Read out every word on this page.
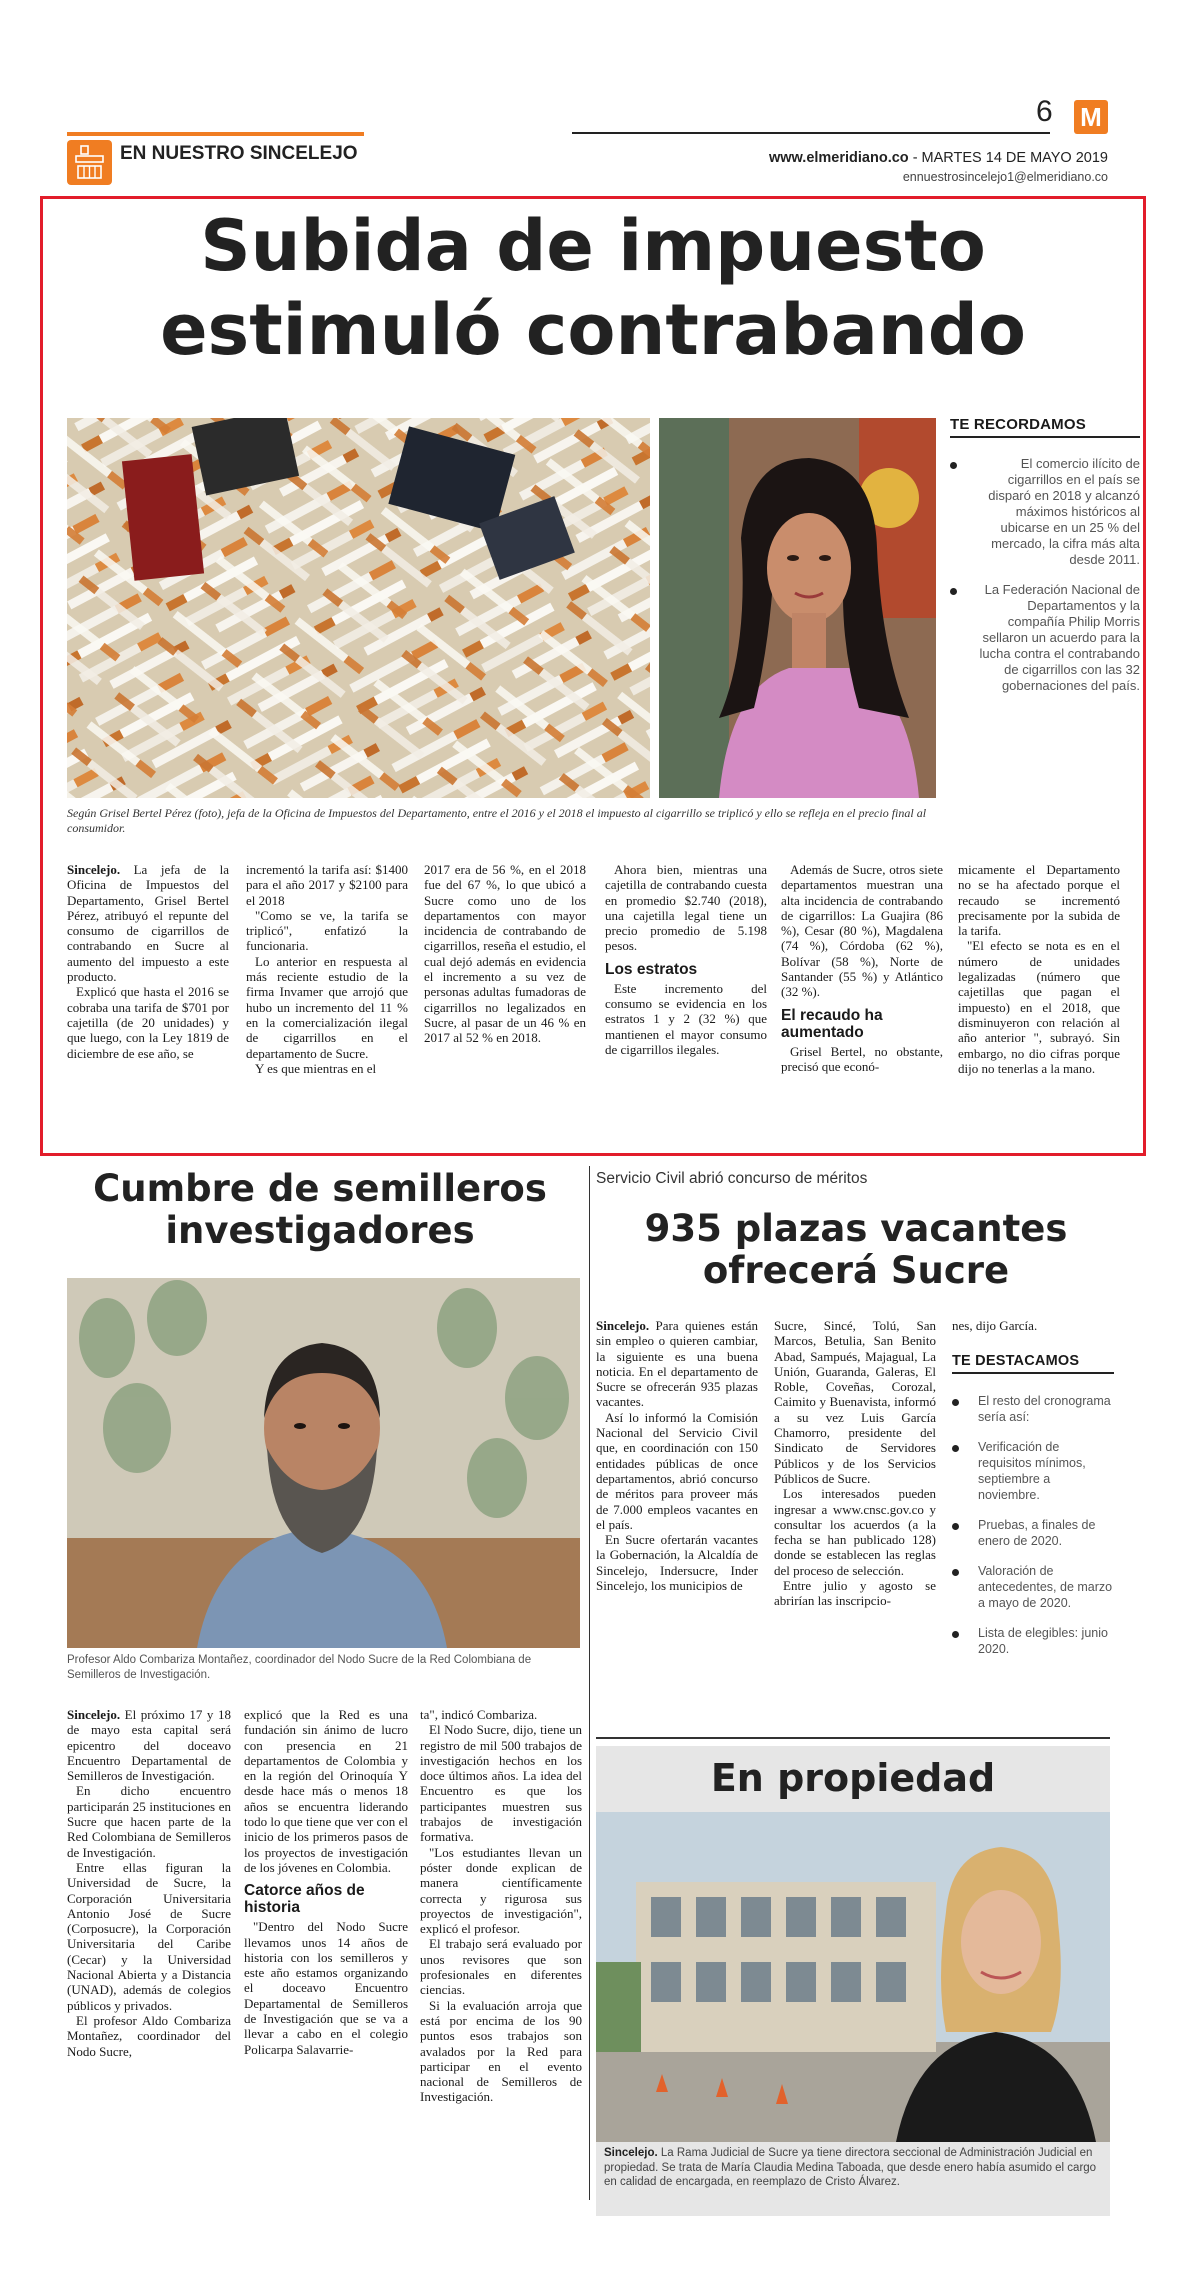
6 M
EN NUESTRO SINCELEJO	www.elmeridiano.co - MARTES 14 DE MAYO 2019
ennuestrosincelejo1@elmeridiano.co
Subida de impuesto
estimuló contrabando
Según Grisel Bertel Pérez (foto), jefa de la Oficina de Impuestos del Departamento, entre el 2016 y el 2018 el impuesto al cigarrillo se triplicó y ello se refleja en el precio final al consumidor.
TE RECORDAMOS
El comercio ilícito de cigarrillos en el país se disparó en 2018 y alcanzó máximos históricos al ubicarse en un 25 % del mercado, la cifra más alta desde 2011.
La Federación Nacional de Departamentos y la compañía Philip Morris sellaron un acuerdo para la lucha contra el contrabando de cigarrillos con las 32 gobernaciones del país.

Sincelejo. La jefa de la Oficina de Impuestos del Departamento, Grisel Bertel Pérez, atribuyó el repunte del consumo de cigarrillos de contrabando en Sucre al aumento del impuesto a este producto.

Explicó que hasta el 2016 se cobraba una tarifa de $701 por cajetilla (de 20 unidades) y que luego, con la Ley 1819 de diciembre de ese año, se

incrementó la tarifa así: $1400 para el año 2017 y $2100 para el 2018

"Como se ve, la tarifa se triplicó", enfatizó la funcionaria.

Lo anterior en respuesta al más reciente estudio de la firma Invamer que arrojó que hubo un incremento del 11 % en la comercialización ilegal de cigarrillos en el departamento de Sucre.

Y es que mientras en el

2017 era de 56 %, en el 2018 fue del 67 %, lo que ubicó a Sucre como uno de los departamentos con mayor incidencia de contrabando de cigarrillos, reseña el estudio, el cual dejó además en evidencia el incremento a su vez de personas adultas fumadoras de cigarrillos no legalizados en Sucre, al pasar de un 46 % en 2017 al 52 % en 2018.

Ahora bien, mientras una cajetilla de contrabando cuesta en promedio $2.740 (2018), una cajetilla legal tiene un precio promedio de 5.198 pesos.

Los estratos

Este incremento del consumo se evidencia en los estratos 1 y 2 (32 %) que mantienen el mayor consumo de cigarrillos ilegales.

Además de Sucre, otros siete departamentos muestran una alta incidencia de contrabando de cigarrillos: La Guajira (86 %), Cesar (80 %), Magdalena (74 %), Córdoba (62 %), Bolívar (58 %), Norte de Santander (55 %) y Atlántico (32 %).

El recaudo ha aumentado

Grisel Bertel, no obstante, precisó que econó-

micamente el Departamento no se ha afectado porque el recaudo se incrementó precisamente por la subida de la tarifa.

"El efecto se nota es en el número de unidades legalizadas (número que cajetillas que pagan el impuesto) en el 2018, que disminuyeron con relación al año anterior ", subrayó. Sin embargo, no dio cifras porque dijo no tenerlas a la mano.

Cumbre de semilleros
investigadores
Profesor Aldo Combariza Montañez, coordinador del Nodo Sucre de la Red Colombiana de Semilleros de Investigación.

Sincelejo. El próximo 17 y 18 de mayo esta capital será epicentro del doceavo Encuentro Departamental de Semilleros de Investigación.

En dicho encuentro participarán 25 instituciones en Sucre que hacen parte de la Red Colombiana de Semilleros de Investigación.

Entre ellas figuran la Universidad de Sucre, la Corporación Universitaria Antonio José de Sucre (Corposucre), la Corporación Universitaria del Caribe (Cecar) y la Universidad Nacional Abierta y a Distancia (UNAD), además de colegios públicos y privados.

El profesor Aldo Combariza Montañez, coordinador del Nodo Sucre,

explicó que la Red es una fundación sin ánimo de lucro con presencia en 21 departamentos de Colombia y en la región del Orinoquía Y desde hace más o menos 18 años se encuentra liderando todo lo que tiene que ver con el inicio de los primeros pasos de los proyectos de investigación de los jóvenes en Colombia.

Catorce años de historia

"Dentro del Nodo Sucre llevamos unos 14 años de historia con los semilleros y este año estamos organizando el doceavo Encuentro Departamental de Semilleros de Investigación que se va a llevar a cabo en el colegio Policarpa Salavarrie-

ta", indicó Combariza.

El Nodo Sucre, dijo, tiene un registro de mil 500 trabajos de investigación hechos en los doce últimos años. La idea del Encuentro es que los participantes muestren sus trabajos de investigación formativa.

"Los estudiantes llevan un póster donde explican de manera científicamente correcta y rigurosa sus proyectos de investigación", explicó el profesor.

El trabajo será evaluado por unos revisores que son profesionales en diferentes ciencias.

Si la evaluación arroja que está por encima de los 90 puntos esos trabajos son avalados por la Red para participar en el evento nacional de Semilleros de Investigación.

Servicio Civil abrió concurso de méritos
935 plazas vacantes
ofrecerá Sucre

Sincelejo. Para quienes están sin empleo o quieren cambiar, la siguiente es una buena noticia. En el departamento de Sucre se ofrecerán 935 plazas vacantes.

Así lo informó la Comisión Nacional del Servicio Civil que, en coordinación con 150 entidades públicas de once departamentos, abrió concurso de méritos para proveer más de 7.000 empleos vacantes en el país.

En Sucre ofertarán vacantes la Gobernación, la Alcaldía de Sincelejo, Indersucre, Inder Sincelejo, los municipios de

Sucre, Sincé, Tolú, San Marcos, Betulia, San Benito Abad, Sampués, Majagual, La Unión, Guaranda, Galeras, El Roble, Coveñas, Corozal, Caimito y Buenavista, informó a su vez Luis García Chamorro, presidente del Sindicato de Servidores Públicos y de los Servicios Públicos de Sucre.

Los interesados pueden ingresar a www.cnsc.gov.co y consultar los acuerdos (a la fecha se han publicado 128) donde se establecen las reglas del proceso de selección.

Entre julio y agosto se abrirían las inscripcio-

nes, dijo García.

TE DESTACAMOS
El resto del cronograma sería así:
Verificación de requisitos mínimos, septiembre a noviembre.
Pruebas, a finales de enero de 2020.
Valoración de antecedentes, de marzo a mayo de 2020.
Lista de elegibles: junio 2020.
En propiedad
Sincelejo. La Rama Judicial de Sucre ya tiene directora seccional de Administración Judicial en propiedad. Se trata de María Claudia Medina Taboada, que desde enero había asumido el cargo en calidad de encargada, en reemplazo de Cristo Álvarez.
